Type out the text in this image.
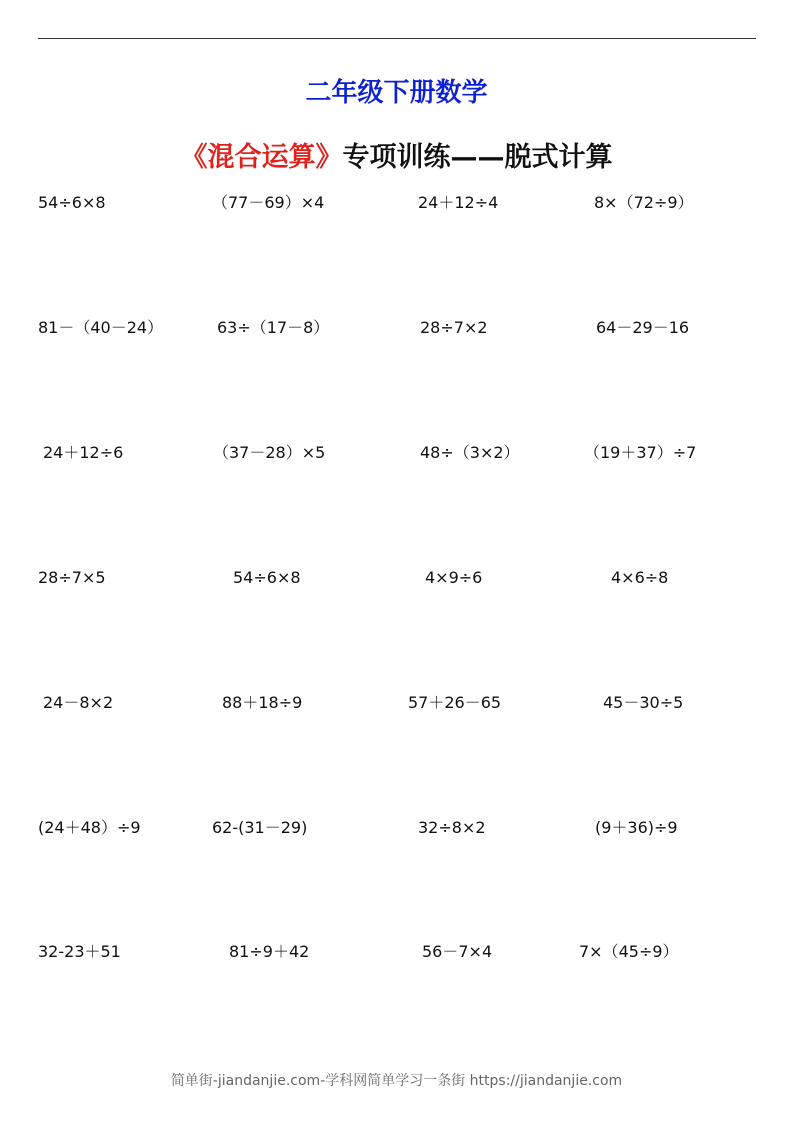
二年级下册数学
《混合运算》专项训练——脱式计算
54÷6×8	（77－69）×4	24＋12÷4	8×（72÷9）
81－（40－24）	63÷（17－8）	28÷7×2	64－29－16
24＋12÷6	（37－28）×5	48÷（3×2）	（19＋37）÷7
28÷7×5	54÷6×8	4×9÷6	4×6÷8
24－8×2	88＋18÷9	57＋26－65	45－30÷5
(24＋48）÷9	62-(31－29)	32÷8×2	(9＋36)÷9
32-23＋51	81÷9＋42	56－7×4	7×（45÷9）
简单街-jiandanjie.com-学科网简单学习一条街 https://jiandanjie.com
